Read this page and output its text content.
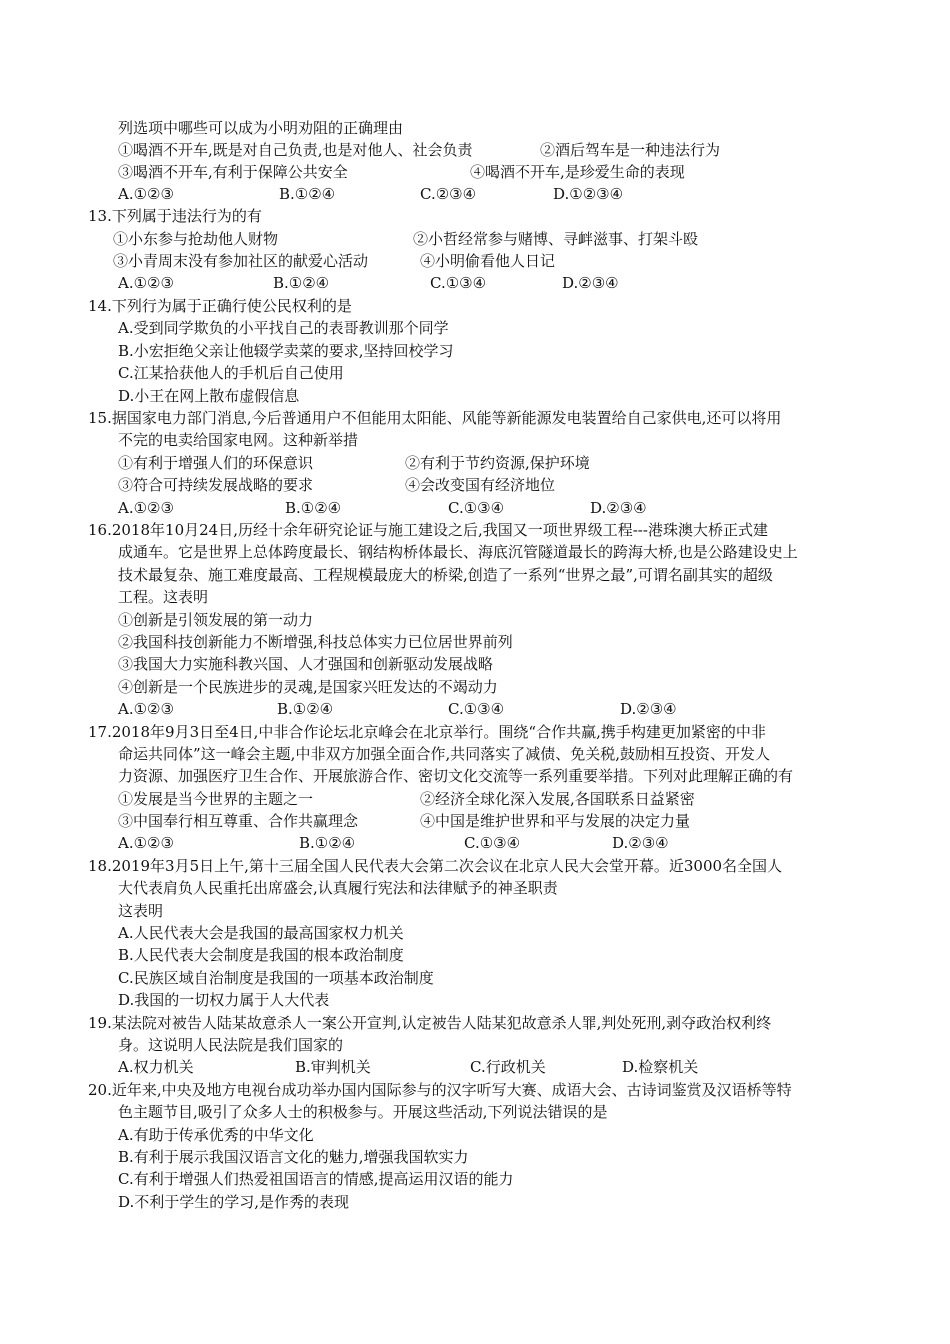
列选项中哪些可以成为小明劝阻的正确理由
①喝酒不开车,既是对自己负责,也是对他人、社会负责	②酒后驾车是一种违法行为
③喝酒不开车,有利于保障公共安全	④喝酒不开车,是珍爱生命的表现
A.①②③	B.①②④	C.②③④	D.①②③④
13.下列属于违法行为的有
①小东参与抢劫他人财物	②小哲经常参与赌博、寻衅滋事、打架斗殴
③小青周末没有参加社区的献爱心活动	④小明偷看他人日记
A.①②③	B.①②④	C.①③④	D.②③④
14.下列行为属于正确行使公民权利的是
A.受到同学欺负的小平找自己的表哥教训那个同学
B.小宏拒绝父亲让他辍学卖菜的要求,坚持回校学习
C.江某拾获他人的手机后自己使用
D.小王在网上散布虚假信息
15.据国家电力部门消息,今后普通用户不但能用太阳能、风能等新能源发电装置给自己家供电,还可以将用
不完的电卖给国家电网。这种新举措
①有利于增强人们的环保意识	②有利于节约资源,保护环境
③符合可持续发展战略的要求	④会改变国有经济地位
A.①②③	B.①②④	C.①③④	D.②③④
16.2018年10月24日,历经十余年研究论证与施工建设之后,我国又一项世界级工程---港珠澳大桥正式建
成通车。它是世界上总体跨度最长、钢结构桥体最长、海底沉管隧道最长的跨海大桥,也是公路建设史上
技术最复杂、施工难度最高、工程规模最庞大的桥梁,创造了一系列“世界之最”,可谓名副其实的超级
工程。这表明
①创新是引领发展的第一动力
②我国科技创新能力不断增强,科技总体实力已位居世界前列
③我国大力实施科教兴国、人才强国和创新驱动发展战略
④创新是一个民族进步的灵魂,是国家兴旺发达的不竭动力
A.①②③	B.①②④	C.①③④	D.②③④
17.2018年9月3日至4日,中非合作论坛北京峰会在北京举行。围绕“合作共赢,携手构建更加紧密的中非
命运共同体”这一峰会主题,中非双方加强全面合作,共同落实了减债、免关税,鼓励相互投资、开发人
力资源、加强医疗卫生合作、开展旅游合作、密切文化交流等一系列重要举措。下列对此理解正确的有
①发展是当今世界的主题之一	②经济全球化深入发展,各国联系日益紧密
③中国奉行相互尊重、合作共赢理念	④中国是维护世界和平与发展的决定力量
A.①②③	B.①②④	C.①③④	D.②③④
18.2019年3月5日上午,第十三届全国人民代表大会第二次会议在北京人民大会堂开幕。近3000名全国人
大代表肩负人民重托出席盛会,认真履行宪法和法律赋予的神圣职责
这表明
A.人民代表大会是我国的最高国家权力机关
B.人民代表大会制度是我国的根本政治制度
C.民族区域自治制度是我国的一项基本政治制度
D.我国的一切权力属于人大代表
19.某法院对被告人陆某故意杀人一案公开宣判,认定被告人陆某犯故意杀人罪,判处死刑,剥夺政治权利终
身。这说明人民法院是我们国家的
A.权力机关	B.审判机关	C.行政机关	D.检察机关
20.近年来,中央及地方电视台成功举办国内国际参与的汉字听写大赛、成语大会、古诗词鉴赏及汉语桥等特
色主题节目,吸引了众多人士的积极参与。开展这些活动,下列说法错误的是
A.有助于传承优秀的中华文化
B.有利于展示我国汉语言文化的魅力,增强我国软实力
C.有利于增强人们热爱祖国语言的情感,提高运用汉语的能力
D.不利于学生的学习,是作秀的表现
